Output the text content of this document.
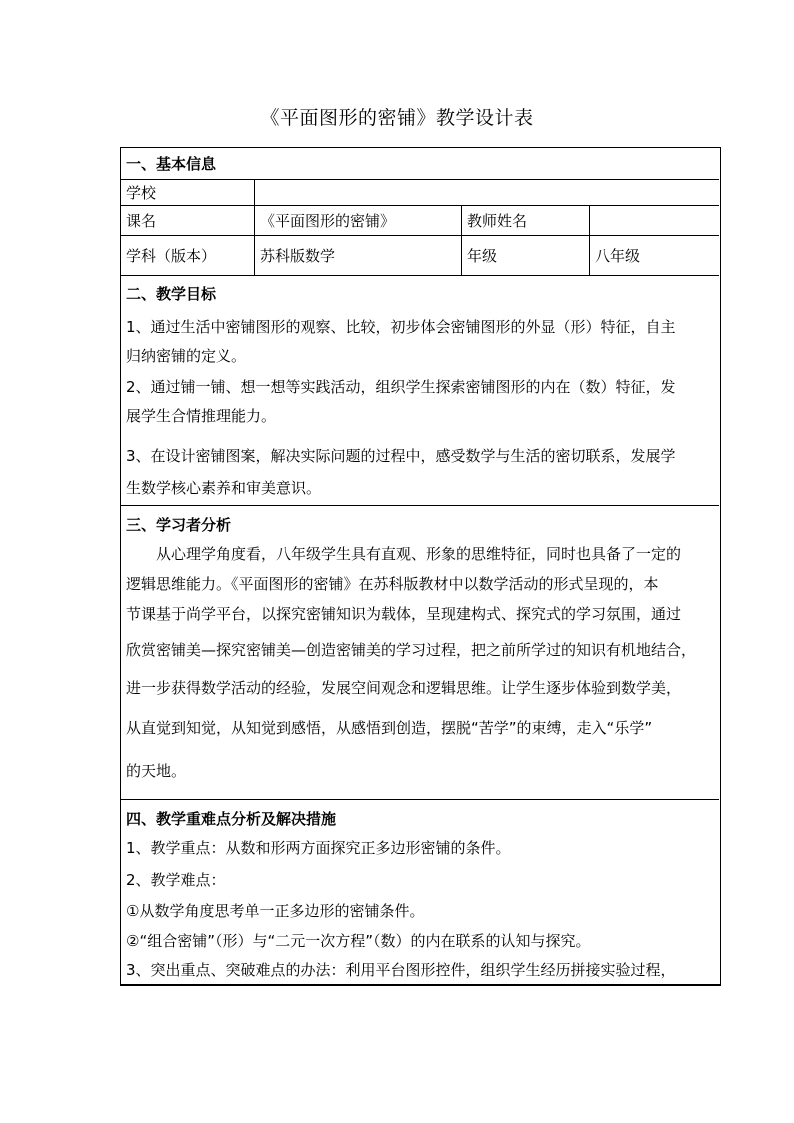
《平面图形的密铺》教学设计表
一、基本信息
学校
课名	《平面图形的密铺》	教师姓名
学科（版本）	苏科版数学	年级	八年级
二、教学目标
1、通过生活中密铺图形的观察、比较，初步体会密铺图形的外显（形）特征，自主
归纳密铺的定义。
2、通过铺一铺、想一想等实践活动，组织学生探索密铺图形的内在（数）特征，发
展学生合情推理能力。
3、在设计密铺图案，解决实际问题的过程中，感受数学与生活的密切联系，发展学
生数学核心素养和审美意识。
三、学习者分析
　　从心理学角度看，八年级学生具有直观、形象的思维特征，同时也具备了一定的
逻辑思维能力。《平面图形的密铺》在苏科版教材中以数学活动的形式呈现的，本
节课基于尚学平台，以探究密铺知识为载体，呈现建构式、探究式的学习氛围，通过
欣赏密铺美—探究密铺美—创造密铺美的学习过程，把之前所学过的知识有机地结合，
进一步获得数学活动的经验，发展空间观念和逻辑思维。让学生逐步体验到数学美，
从直觉到知觉，从知觉到感悟，从感悟到创造，摆脱“苦学”的束缚，走入“乐学”
的天地。
四、教学重难点分析及解决措施
1、教学重点：从数和形两方面探究正多边形密铺的条件。
2、教学难点：
①从数学角度思考单一正多边形的密铺条件。
②“组合密铺”（形）与“二元一次方程”（数）的内在联系的认知与探究。
3、突出重点、突破难点的办法：利用平台图形控件，组织学生经历拼接实验过程，
